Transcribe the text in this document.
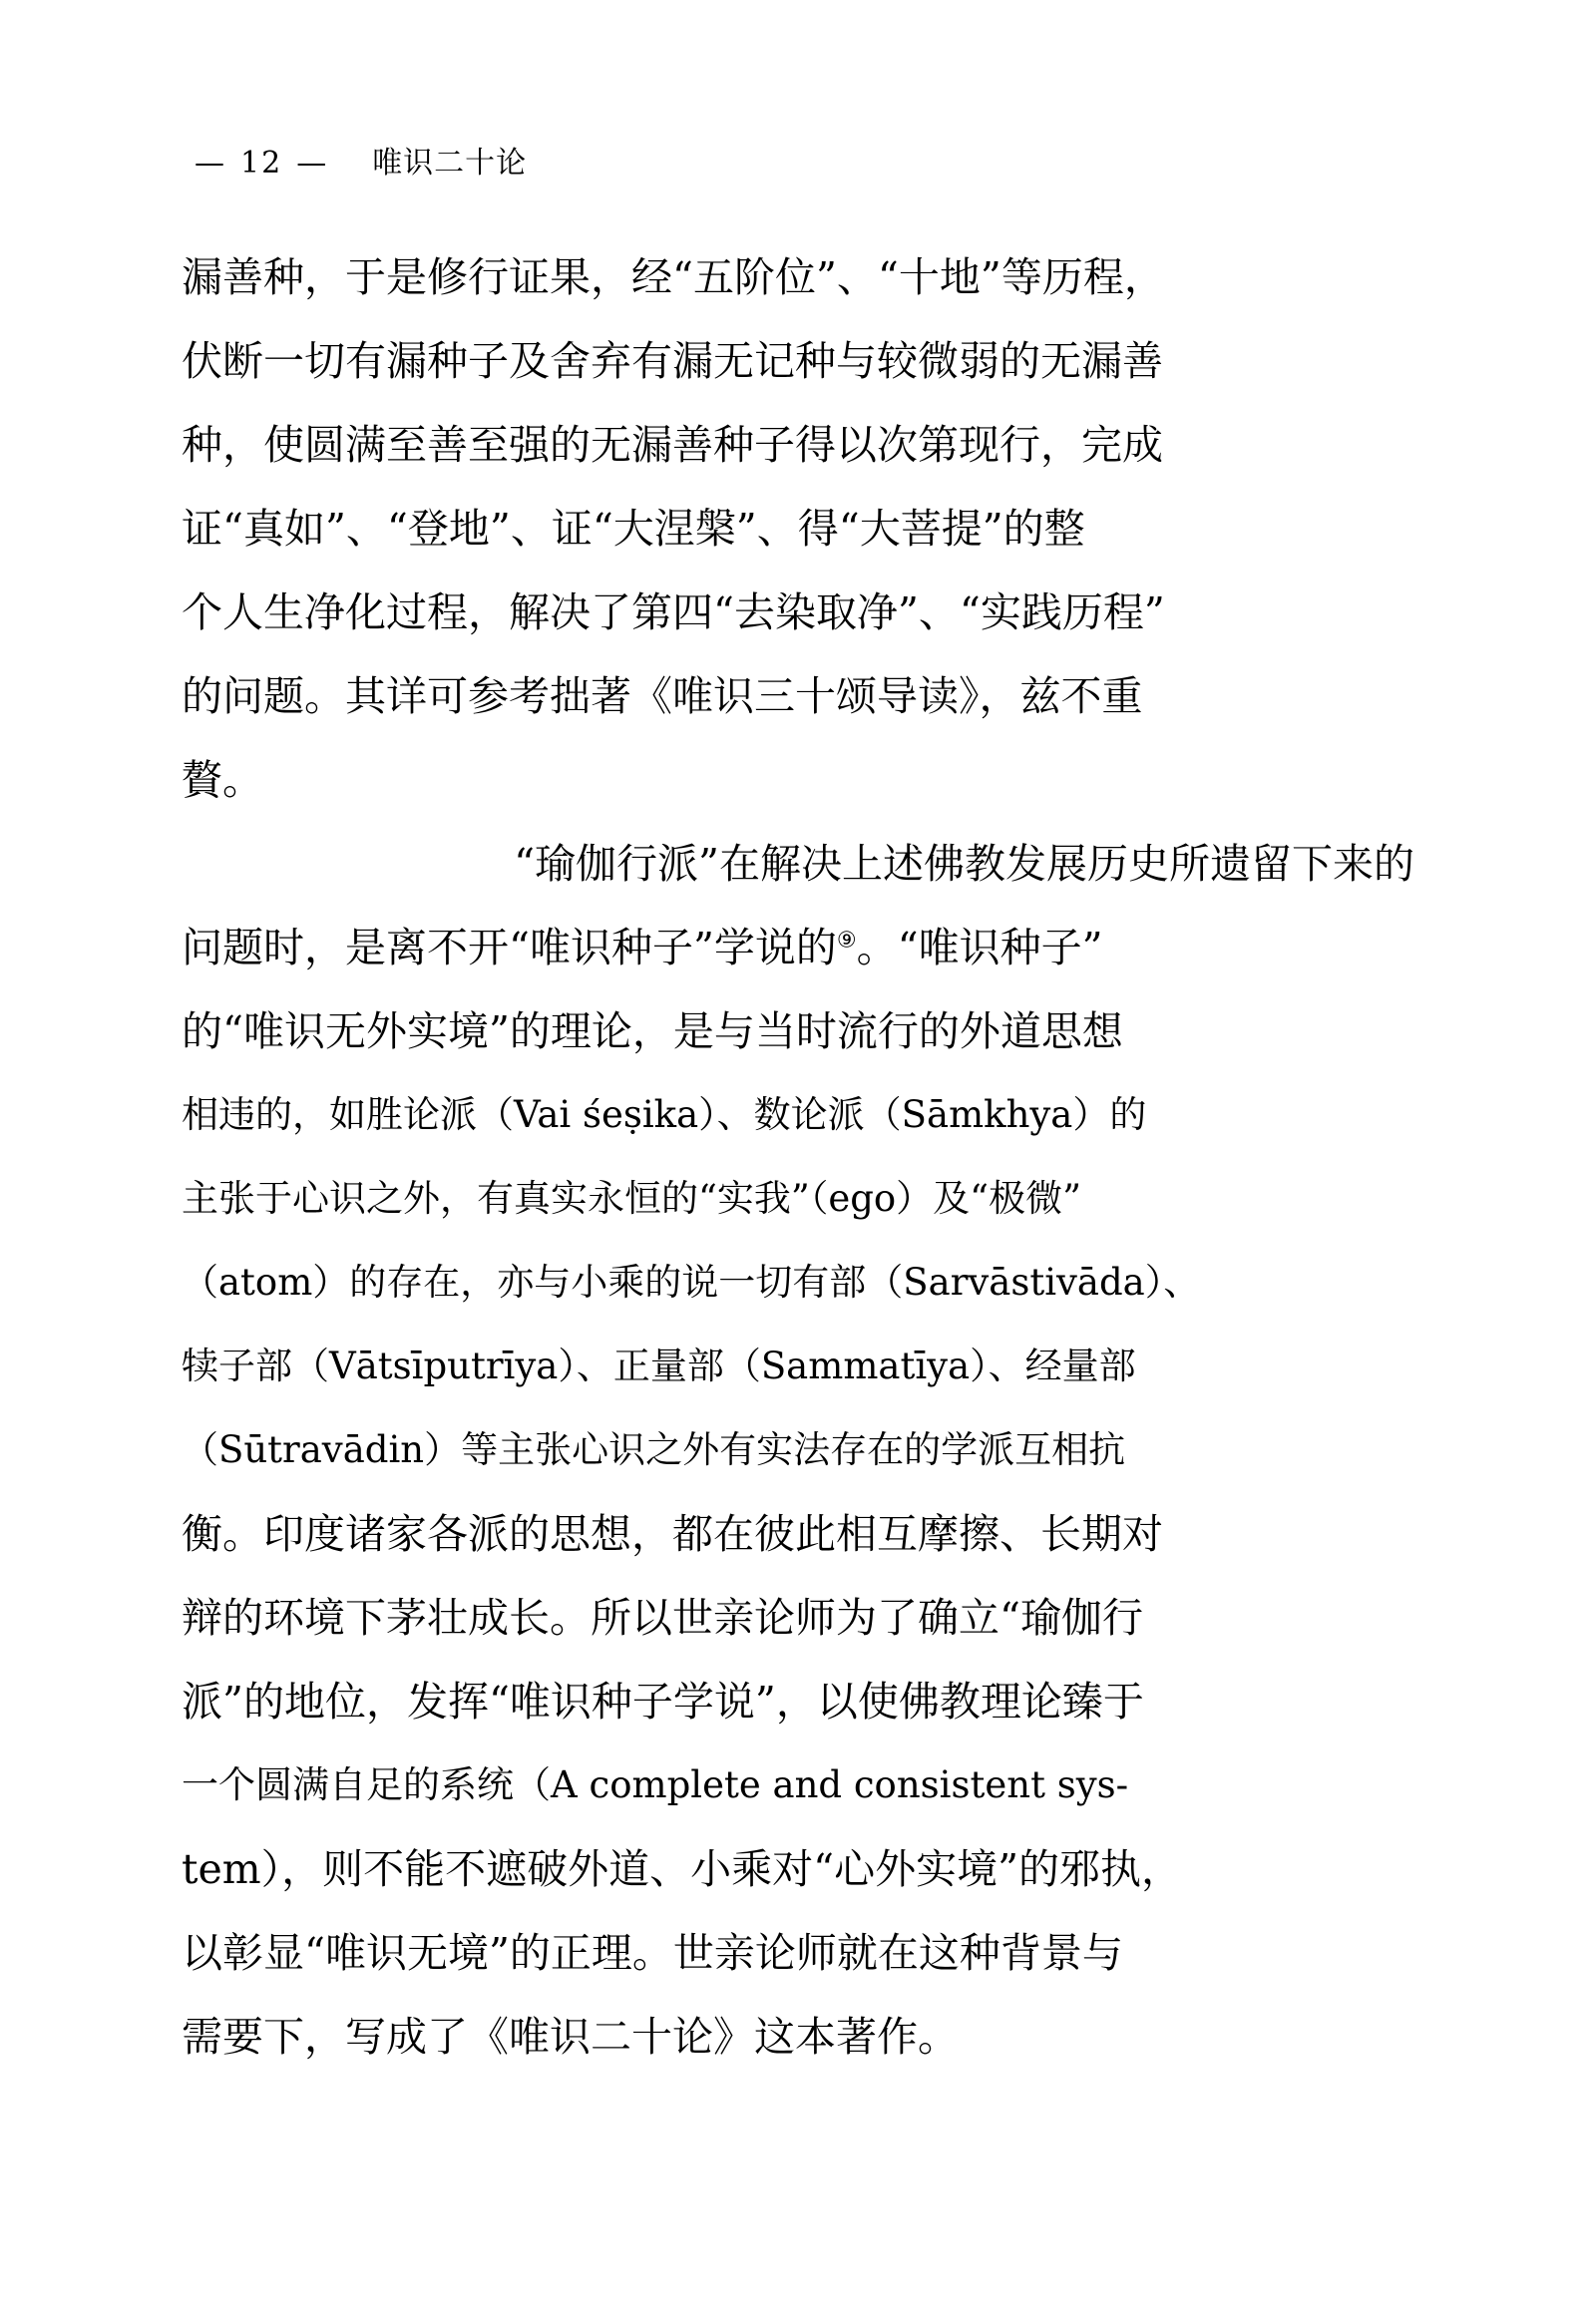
— 12 — 唯识二十论

漏善种，于是修行证果，经“五阶位”、“十地”等历程，
伏断一切有漏种子及舍弃有漏无记种与较微弱的无漏善
种，使圆满至善至强的无漏善种子得以次第现行，完成
证“真如”、“登地”、证“大涅槃”、得“大菩提”的整
个人生净化过程，解决了第四“去染取净”、“实践历程”
的问题。其详可参考拙著《唯识三十颂导读》，兹不重
贅。

“瑜伽行派”在解决上述佛教发展历史所遗留下来的
问题时，是离不开“唯识种子”学说的⑨。“唯识种子”
的“唯识无外实境”的理论，是与当时流行的外道思想
相违的，如胜论派（Vai śeṣika）、数论派（Sāmkhya）的
主张于心识之外，有真实永恒的“实我”（ego）及“极微”
（atom）的存在，亦与小乘的说一切有部（Sarvāstivāda）、
犊子部（Vātsīputrīya）、正量部（Sammatīya）、经量部
（Sūtravādin）等主张心识之外有实法存在的学派互相抗
衡。印度诸家各派的思想，都在彼此相互摩擦、长期对
辩的环境下茅壮成长。所以世亲论师为了确立“瑜伽行
派”的地位，发挥“唯识种子学说”，以使佛教理论臻于
一个圆满自足的系统（A complete and consistent sys-
tem），则不能不遮破外道、小乘对“心外实境”的邪执，
以彰显“唯识无境”的正理。世亲论师就在这种背景与
需要下，写成了《唯识二十论》这本著作。
